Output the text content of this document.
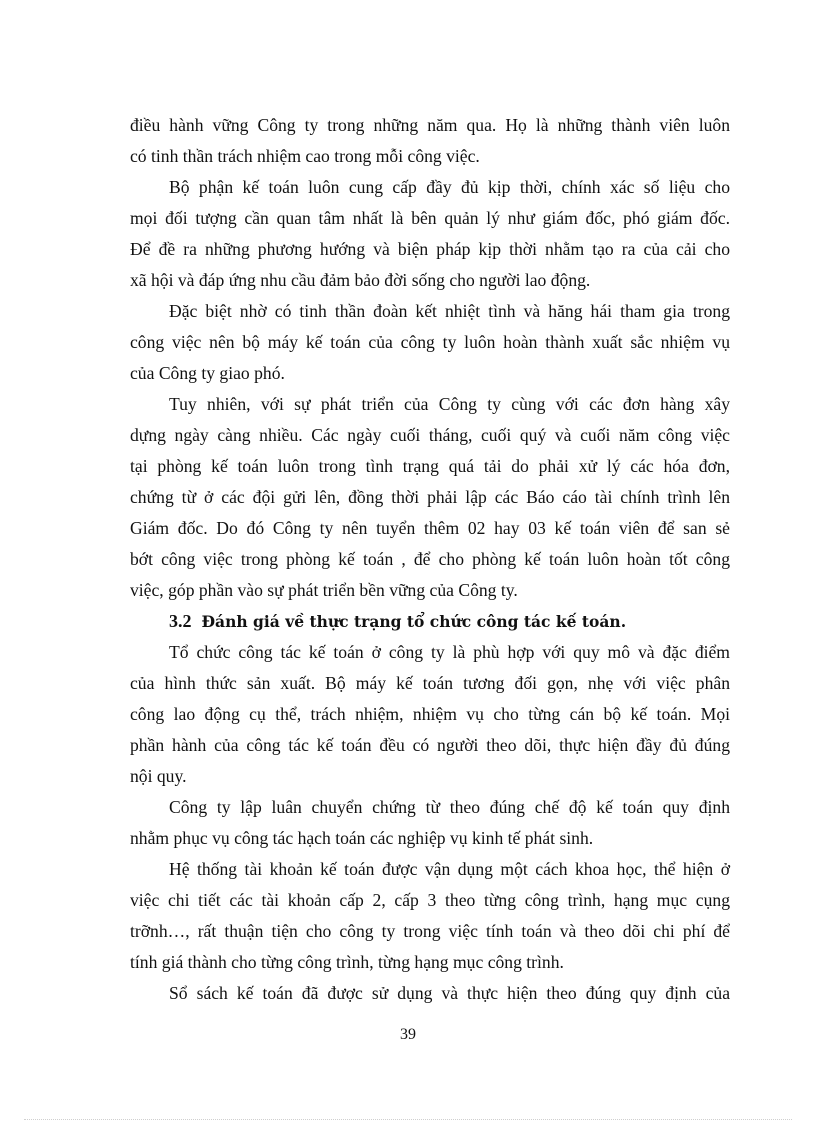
điều hành vững Công ty trong những năm qua. Họ là những thành viên luôn
có tinh thần trách nhiệm cao trong mỗi công việc.
Bộ phận kế toán luôn cung cấp đầy đủ kịp thời, chính xác số liệu cho
mọi đối tượng cần quan tâm nhất là bên quản lý như giám đốc, phó giám đốc.
Để đề ra những phương hướng và biện pháp kịp thời nhằm tạo ra của cải cho
xã hội và đáp ứng nhu cầu đảm bảo đời sống cho người lao động.
Đặc biệt nhờ có tinh thần đoàn kết nhiệt tình và hăng hái tham gia trong
công việc nên bộ máy kế toán của công ty luôn hoàn thành xuất sắc nhiệm vụ
của Công ty giao phó.
Tuy nhiên, với sự phát triển của Công ty cùng với các đơn hàng xây
dựng ngày càng nhiều. Các ngày cuối tháng, cuối quý và cuối năm công việc
tại phòng kế toán luôn trong tình trạng quá tải do phải xử lý các hóa đơn,
chứng từ ở các đội gửi lên, đồng thời phải lập các Báo cáo tài chính trình lên
Giám đốc. Do đó Công ty nên tuyển thêm 02 hay 03 kế toán viên để san sẻ
bớt công việc trong phòng kế toán , để cho phòng kế toán luôn hoàn tốt công
việc, góp phần vào sự phát triển bền vững của Công ty.
3.2 Đánh giá về thực trạng tổ chức công tác kế toán.
Tổ chức công tác kế toán ở công ty là phù hợp với quy mô và đặc điểm
của hình thức sản xuất. Bộ máy kế toán tương đối gọn, nhẹ với việc phân
công lao động cụ thể, trách nhiệm, nhiệm vụ cho từng cán bộ kế toán. Mọi
phần hành của công tác kế toán đều có người theo dõi, thực hiện đầy đủ đúng
nội quy.
Công ty lập luân chuyển chứng từ theo đúng chế độ kế toán quy định
nhằm phục vụ công tác hạch toán các nghiệp vụ kinh tế phát sinh.
Hệ thống tài khoản kế toán được vận dụng một cách khoa học, thể hiện ở
việc chi tiết các tài khoản cấp 2, cấp 3 theo từng công trình, hạng mục cụng
trỡnh…, rất thuận tiện cho công ty trong việc tính toán và theo dõi chi phí để
tính giá thành cho từng công trình, từng hạng mục công trình.
Sổ sách kế toán đã được sử dụng và thực hiện theo đúng quy định của
39
